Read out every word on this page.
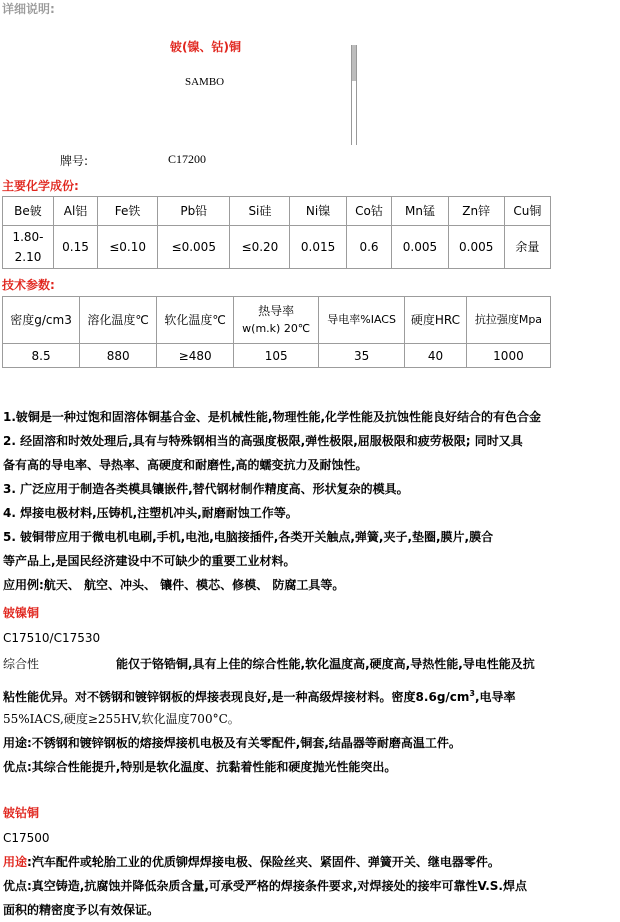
详细说明:
铍(镍、钴)铜
SAMBO
牌号:	C17200
主要化学成份:
Be铍	Al铝	Fe铁	Pb铅	Si硅	Ni镍	Co钴	Mn锰	Zn锌	Cu铜

1.80-
2.10	0.15	≤0.10	≤0.005	≤0.20	0.015	0.6	0.005	0.005	余量
技术参数:
密度g/cm3	溶化温度℃	软化温度℃	热导率
w(m.k) 20℃	导电率%IACS	硬度HRC	抗拉强度Mpa
8.5	880	≥480	105	35	40	1000
1.铍铜是一种过饱和固溶体铜基合金、是机械性能,物理性能,化学性能及抗蚀性能良好结合的有色合金
2. 经固溶和时效处理后,具有与特殊钢相当的高强度极限,弹性极限,屈服极限和疲劳极限; 同时又具
备有高的导电率、导热率、高硬度和耐磨性,高的蠕变抗力及耐蚀性。
3. 广泛应用于制造各类模具镶嵌件,替代钢材制作精度高、形状复杂的模具。
4. 焊接电极材料,压铸机,注塑机冲头,耐磨耐蚀工作等。
5. 铍铜带应用于微电机电刷,手机,电池,电脑接插件,各类开关触点,弹簧,夹子,垫圈,膜片,膜合
等产品上,是国民经济建设中不可缺少的重要工业材料。
应用例:航天、 航空、冲头、 镶件、模芯、修模、 防腐工具等。
铍镍铜
C17510/C17530
综合性	能仅于铬锆铜,具有上佳的综合性能,软化温度高,硬度高,导热性能,导电性能及抗
粘性能优异。对不锈钢和镀锌钢板的焊接表现良好,是一种高级焊接材料。密度$8.6g/cm^3$,电导率
55%IACS,硬度≥255HV,软化温度700°C。
用途:不锈钢和镀锌钢板的熔接焊接机电极及有关零配件,铜套,结晶器等耐磨高温工件。
优点:其综合性能提升,特别是软化温度、抗黏着性能和硬度抛光性能突出。
铍钴铜
C17500
用途:汽车配件或轮胎工业的优质铆焊焊接电极、保险丝夹、紧固件、弹簧开关、继电器零件。
优点:真空铸造,抗腐蚀并降低杂质含量,可承受严格的焊接条件要求,对焊接处的接牢可靠性V.S.焊点
面积的精密度予以有效保证。
